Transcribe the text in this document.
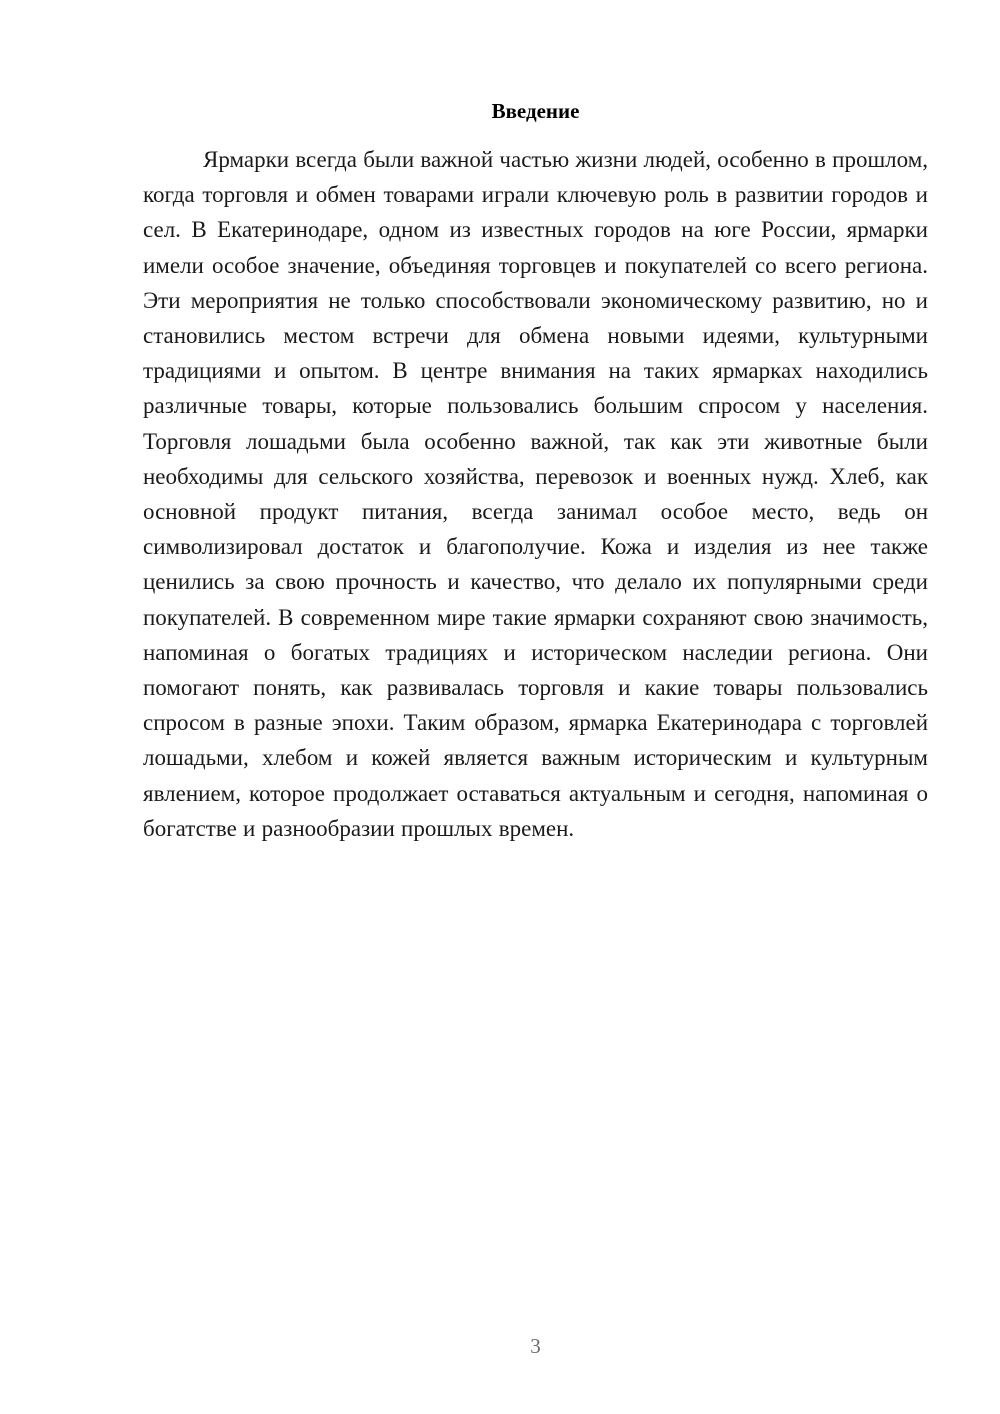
Введение

Ярмарки всегда были важной частью жизни людей, особенно в прошлом, когда торговля и обмен товарами играли ключевую роль в развитии городов и сел. В Екатеринодаре, одном из известных городов на юге России, ярмарки имели особое значение, объединяя торговцев и покупателей со всего региона. Эти мероприятия не только способствовали экономическому развитию, но и становились местом встречи для обмена новыми идеями, культурными традициями и опытом. В центре внимания на таких ярмарках находились различные товары, которые пользовались большим спросом у населения. Торговля лошадьми была особенно важной, так как эти животные были необходимы для сельского хозяйства, перевозок и военных нужд. Хлеб, как основной продукт питания, всегда занимал особое место, ведь он символизировал достаток и благополучие. Кожа и изделия из нее также ценились за свою прочность и качество, что делало их популярными среди покупателей. В современном мире такие ярмарки сохраняют свою значимость, напоминая о богатых традициях и историческом наследии региона. Они помогают понять, как развивалась торговля и какие товары пользовались спросом в разные эпохи. Таким образом, ярмарка Екатеринодара с торговлей лошадьми, хлебом и кожей является важным историческим и культурным явлением, которое продолжает оставаться актуальным и сегодня, напоминая о богатстве и разнообразии прошлых времен.

3
